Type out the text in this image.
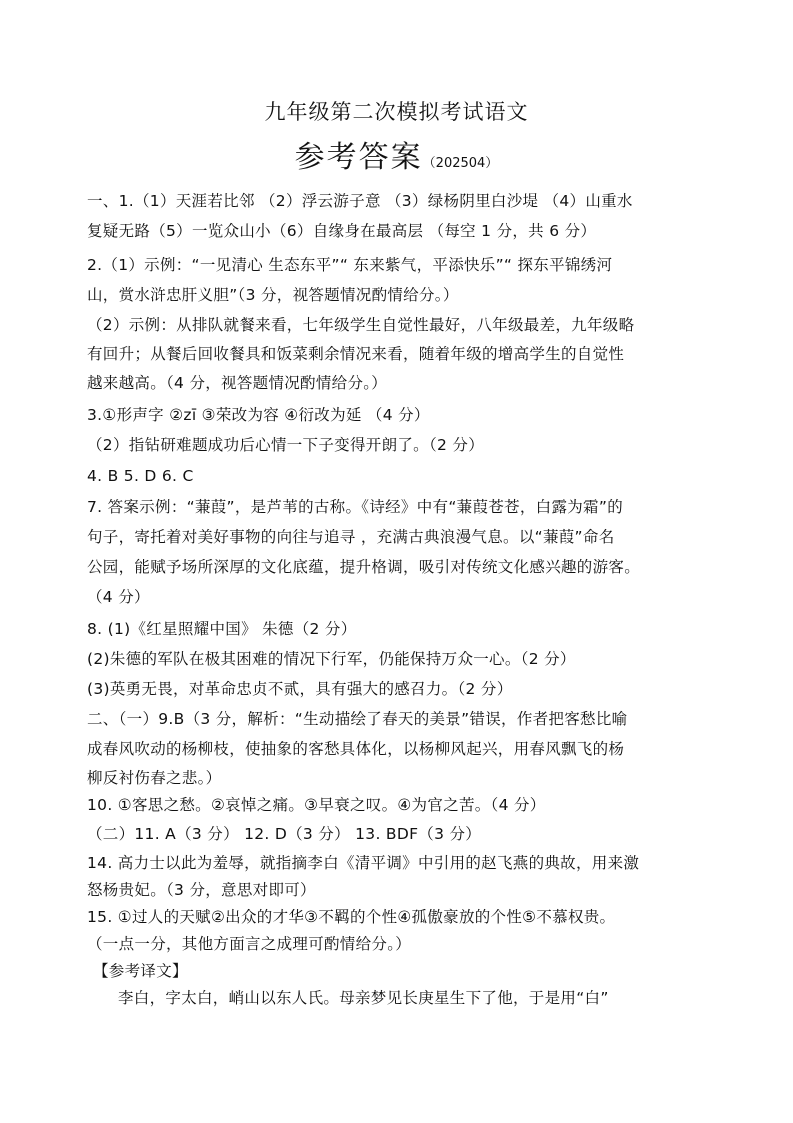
九年级第二次模拟考试语文
参考答案（202504）
一、1.（1）天涯若比邻 （2）浮云游子意 （3）绿杨阴里白沙堤 （4）山重水
复疑无路（5）一览众山小（6）自缘身在最高层 （每空 1 分，共 6 分）
2.（1）示例：“一见清心 生态东平”“ 东来紫气，平添快乐”“ 探东平锦绣河
山，赏水浒忠肝义胆”（3 分，视答题情况酌情给分。）
（2）示例：从排队就餐来看，七年级学生自觉性最好，八年级最差，九年级略
有回升；从餐后回收餐具和饭菜剩余情况来看，随着年级的增高学生的自觉性
越来越高。（4 分，视答题情况酌情给分。）
3.①形声字 ②zī ③荣改为容 ④衍改为延 （4 分）
（2）指钻研难题成功后心情一下子变得开朗了。（2 分）
4. B 5. D 6. C
7. 答案示例：“蒹葭”，是芦苇的古称。《诗经》中有“蒹葭苍苍，白露为霜”的
句子，寄托着对美好事物的向往与追寻 ，充满古典浪漫气息。以“蒹葭”命名
公园，能赋予场所深厚的文化底蕴，提升格调，吸引对传统文化感兴趣的游客。
（4 分）
8. (1)《红星照耀中国》 朱德（2 分）
(2)朱德的军队在极其困难的情况下行军，仍能保持万众一心。（2 分）
(3)英勇无畏，对革命忠贞不贰，具有强大的感召力。（2 分）
二、（一）9.B（3 分，解析：“生动描绘了春天的美景”错误，作者把客愁比喻
成春风吹动的杨柳枝，使抽象的客愁具体化，以杨柳风起兴，用春风飘飞的杨
柳反衬伤春之悲。）
10. ①客思之愁。②哀悼之痛。③早衰之叹。④为官之苦。（4 分）
（二）11. A（3 分） 12. D（3 分） 13. BDF（3 分）
14. 高力士以此为羞辱，就指摘李白《清平调》中引用的赵飞燕的典故，用来激
怒杨贵妃。（3 分，意思对即可）
15. ①过人的天赋②出众的才华③不羁的个性④孤傲豪放的个性⑤不慕权贵。
（一点一分，其他方面言之成理可酌情给分。）
【参考译文】
李白，字太白，峭山以东人氏。母亲梦见长庚星生下了他，于是用“白”
